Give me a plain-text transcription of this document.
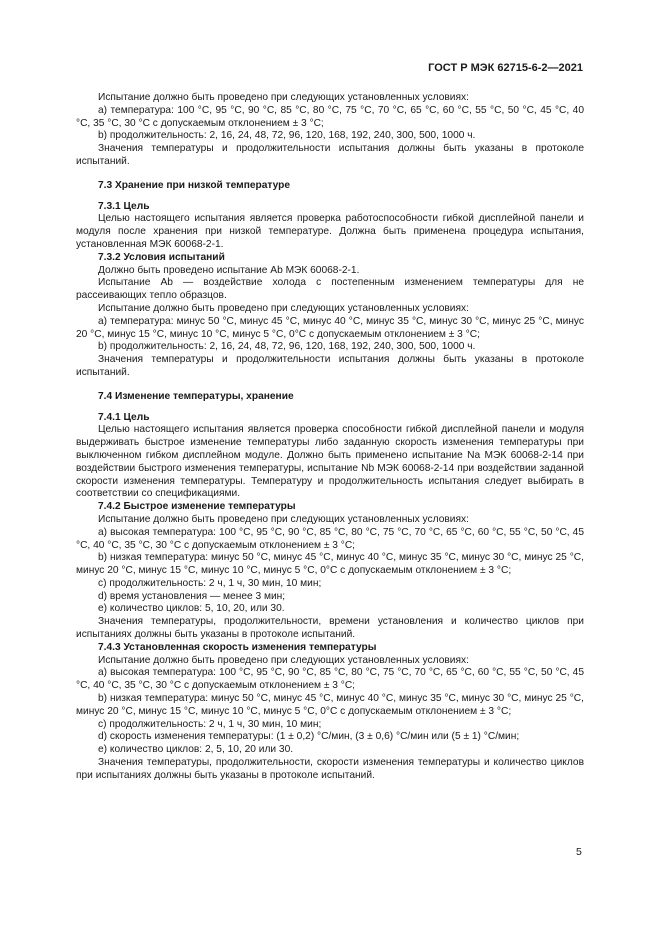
ГОСТ Р МЭК 62715-6-2—2021

Испытание должно быть проведено при следующих установленных условиях:

a) температура: 100 °C, 95 °C, 90 °C, 85 °C, 80 °C, 75 °C, 70 °C, 65 °C, 60 °C, 55 °C, 50 °C, 45 °C, 40 °C, 35 °C, 30 °C с допускаемым отклонением ± 3 °C;

b) продолжительность: 2, 16, 24, 48, 72, 96, 120, 168, 192, 240, 300, 500, 1000 ч.

Значения температуры и продолжительности испытания должны быть указаны в протоколе испытаний.

7.3 Хранение при низкой температуре

7.3.1 Цель

Целью настоящего испытания является проверка работоспособности гибкой дисплейной панели и модуля после хранения при низкой температуре. Должна быть применена процедура испытания, установленная МЭК 60068-2-1.

7.3.2 Условия испытаний

Должно быть проведено испытание Ab МЭК 60068-2-1.

Испытание Ab — воздействие холода с постепенным изменением температуры для не рассеивающих тепло образцов.

Испытание должно быть проведено при следующих установленных условиях:

a) температура: минус 50 °C, минус 45 °C, минус 40 °C, минус 35 °C, минус 30 °C, минус 25 °C, минус 20 °C, минус 15 °C, минус 10 °C, минус 5 °C, 0°C с допускаемым отклонением ± 3 °C;

b) продолжительность: 2, 16, 24, 48, 72, 96, 120, 168, 192, 240, 300, 500, 1000 ч.

Значения температуры и продолжительности испытания должны быть указаны в протоколе испытаний.

7.4 Изменение температуры, хранение

7.4.1 Цель

Целью настоящего испытания является проверка способности гибкой дисплейной панели и модуля выдерживать быстрое изменение температуры либо заданную скорость изменения температуры при выключенном гибком дисплейном модуле. Должно быть применено испытание Na МЭК 60068-2-14 при воздействии быстрого изменения температуры, испытание Nb МЭК 60068-2-14 при воздействии заданной скорости изменения температуры. Температуру и продолжительность испытания следует выбирать в соответствии со спецификациями.

7.4.2 Быстрое изменение температуры

Испытание должно быть проведено при следующих установленных условиях:

a) высокая температура: 100 °C, 95 °C, 90 °C, 85 °C, 80 °C, 75 °C, 70 °C, 65 °C, 60 °C, 55 °C, 50 °C, 45 °C, 40 °C, 35 °C, 30 °C с допускаемым отклонением ± 3 °C;

b) низкая температура: минус 50 °C, минус 45 °C, минус 40 °C, минус 35 °C, минус 30 °C, минус 25 °C, минус 20 °C, минус 15 °C, минус 10 °C, минус 5 °C, 0°C с допускаемым отклонением ± 3 °C;

c) продолжительность: 2 ч, 1 ч, 30 мин, 10 мин;

d) время установления — менее 3 мин;

e) количество циклов: 5, 10, 20, или 30.

Значения температуры, продолжительности, времени установления и количество циклов при испытаниях должны быть указаны в протоколе испытаний.

7.4.3 Установленная скорость изменения температуры

Испытание должно быть проведено при следующих установленных условиях:

a) высокая температура: 100 °C, 95 °C, 90 °C, 85 °C, 80 °C, 75 °C, 70 °C, 65 °C, 60 °C, 55 °C, 50 °C, 45 °C, 40 °C, 35 °C, 30 °C с допускаемым отклонением ± 3 °C;

b) низкая температура: минус 50 °C, минус 45 °C, минус 40 °C, минус 35 °C, минус 30 °C, минус 25 °C, минус 20 °C, минус 15 °C, минус 10 °C, минус 5 °C, 0°C с допускаемым отклонением ± 3 °C;

c) продолжительность: 2 ч, 1 ч, 30 мин, 10 мин;

d) скорость изменения температуры: (1 ± 0,2) °C/мин, (3 ± 0,6) °C/мин или (5 ± 1) °C/мин;

e) количество циклов: 2, 5, 10, 20 или 30.

Значения температуры, продолжительности, скорости изменения температуры и количество циклов при испытаниях должны быть указаны в протоколе испытаний.

5
